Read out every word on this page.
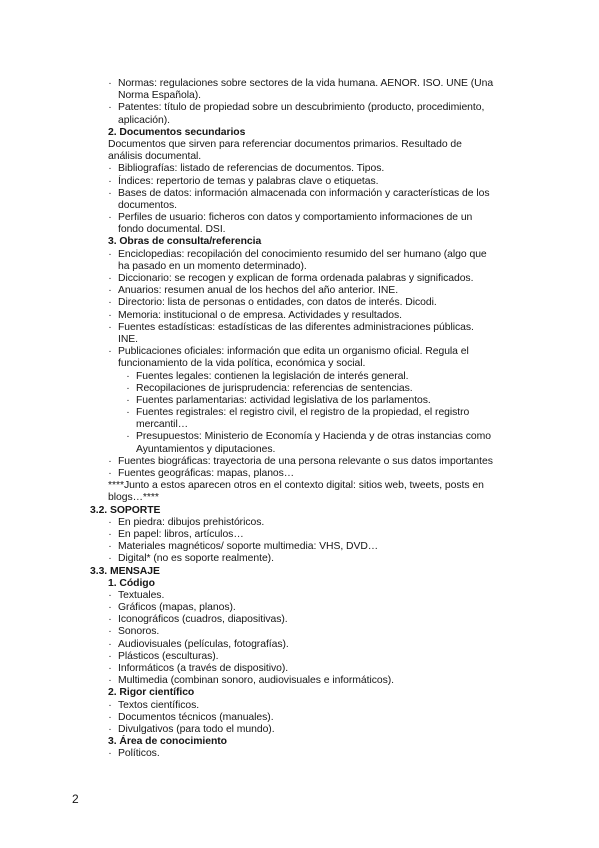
· Normas: regulaciones sobre sectores de la vida humana. AENOR. ISO. UNE (Una
Norma Española).
· Patentes: título de propiedad sobre un descubrimiento (producto, procedimiento,
aplicación).
2. Documentos secundarios
Documentos que sirven para referenciar documentos primarios. Resultado de
análisis documental.
· Bibliografías: listado de referencias de documentos. Tipos.
· Índices: repertorio de temas y palabras clave o etiquetas.
· Bases de datos: información almacenada con información y características de los
documentos.
· Perfiles de usuario: ficheros con datos y comportamiento informaciones de un
fondo documental. DSI.
3. Obras de consulta/referencia
· Enciclopedias: recopilación del conocimiento resumido del ser humano (algo que
ha pasado en un momento determinado).
· Diccionario: se recogen y explican de forma ordenada palabras y significados.
· Anuarios: resumen anual de los hechos del año anterior. INE.
· Directorio: lista de personas o entidades, con datos de interés. Dicodi.
· Memoria: institucional o de empresa. Actividades y resultados.
· Fuentes estadísticas: estadísticas de las diferentes administraciones públicas.
INE.
· Publicaciones oficiales: información que edita un organismo oficial. Regula el
funcionamiento de la vida política, económica y social.
· Fuentes legales: contienen la legislación de interés general.
· Recopilaciones de jurisprudencia: referencias de sentencias.
· Fuentes parlamentarias: actividad legislativa de los parlamentos.
· Fuentes registrales: el registro civil, el registro de la propiedad, el registro
mercantil…
· Presupuestos: Ministerio de Economía y Hacienda y de otras instancias como
Ayuntamientos y diputaciones.
· Fuentes biográficas: trayectoria de una persona relevante o sus datos importantes
· Fuentes geográficas: mapas, planos…
****Junto a estos aparecen otros en el contexto digital: sitios web, tweets, posts en
blogs…****
3.2. SOPORTE
· En piedra: dibujos prehistóricos.
· En papel: libros, artículos…
· Materiales magnéticos/ soporte multimedia: VHS, DVD…
· Digital* (no es soporte realmente).
3.3. MENSAJE
1. Código
· Textuales.
· Gráficos (mapas, planos).
· Iconográficos (cuadros, diapositivas).
· Sonoros.
· Audiovisuales (películas, fotografías).
· Plásticos (esculturas).
· Informáticos (a través de dispositivo).
· Multimedia (combinan sonoro, audiovisuales e informáticos).
2. Rigor científico
· Textos científicos.
· Documentos técnicos (manuales).
· Divulgativos (para todo el mundo).
3. Área de conocimiento
· Políticos.
2
